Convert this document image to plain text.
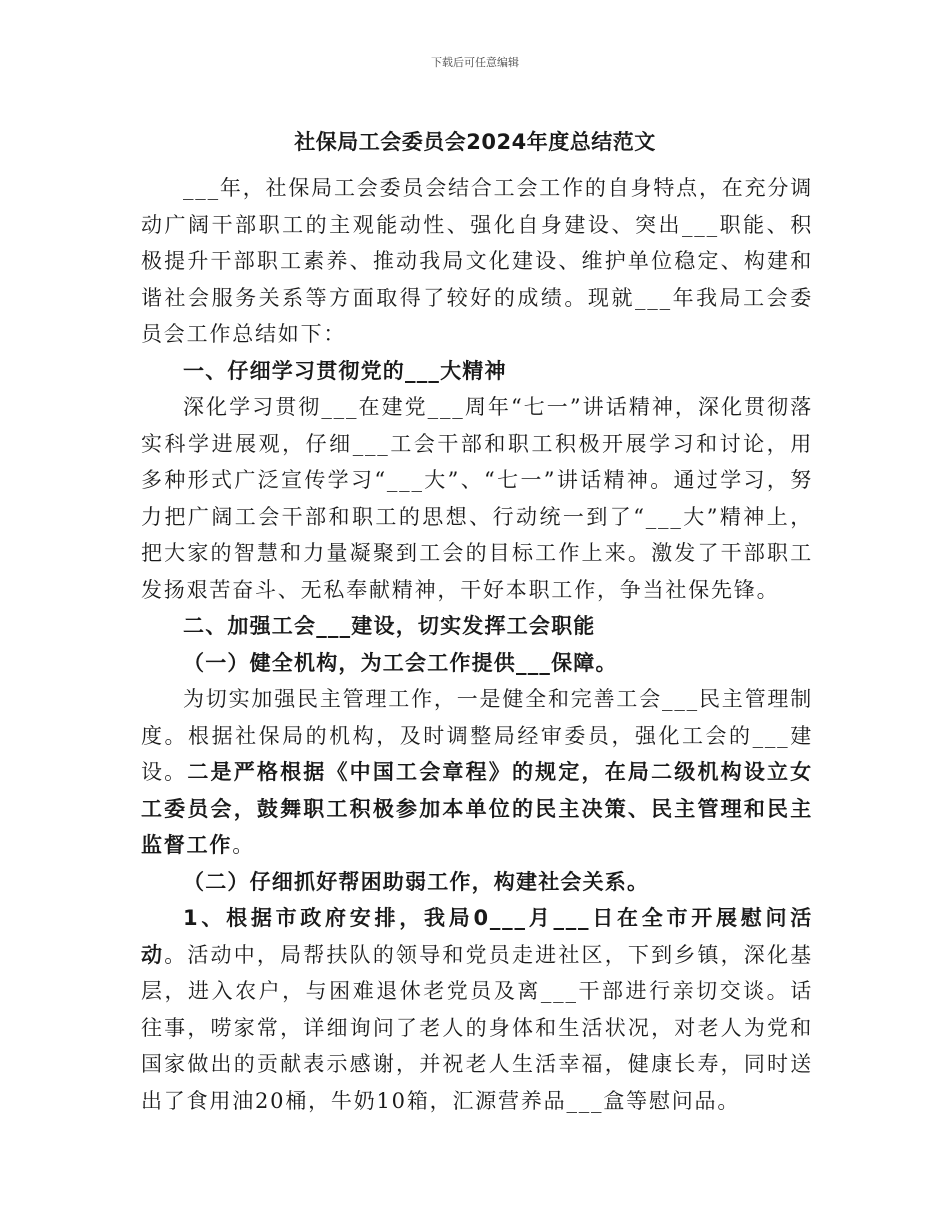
下载后可任意编辑
社保局工会委员会2024年度总结范文

___年，社保局工会委员会结合工会工作的自身特点，在充分调动广阔干部职工的主观能动性、强化自身建设、突出___职能、积极提升干部职工素养、推动我局文化建设、维护单位稳定、构建和谐社会服务关系等方面取得了较好的成绩。现就___年我局工会委员会工作总结如下：

一、仔细学习贯彻党的___大精神

深化学习贯彻___在建党___周年“七一”讲话精神，深化贯彻落实科学进展观，仔细___工会干部和职工积极开展学习和讨论，用多种形式广泛宣传学习“___大”、“七一”讲话精神。通过学习，努力把广阔工会干部和职工的思想、行动统一到了“___大”精神上，把大家的智慧和力量凝聚到工会的目标工作上来。激发了干部职工发扬艰苦奋斗、无私奉献精神，干好本职工作，争当社保先锋。

二、加强工会___建设，切实发挥工会职能

（一）健全机构，为工会工作提供___保障。

为切实加强民主管理工作，一是健全和完善工会___民主管理制度。根据社保局的机构，及时调整局经审委员，强化工会的___建设。二是严格根据《中国工会章程》的规定，在局二级机构设立女工委员会，鼓舞职工积极参加本单位的民主决策、民主管理和民主监督工作。

（二）仔细抓好帮困助弱工作，构建社会关系。

1、根据市政府安排，我局0___月___日在全市开展慰问活动。活动中，局帮扶队的领导和党员走进社区，下到乡镇，深化基层，进入农户，与困难退休老党员及离___干部进行亲切交谈。话往事，唠家常，详细询问了老人的身体和生活状况，对老人为党和国家做出的贡献表示感谢，并祝老人生活幸福，健康长寿，同时送出了食用油20桶，牛奶10箱，汇源营养品___盒等慰问品。
